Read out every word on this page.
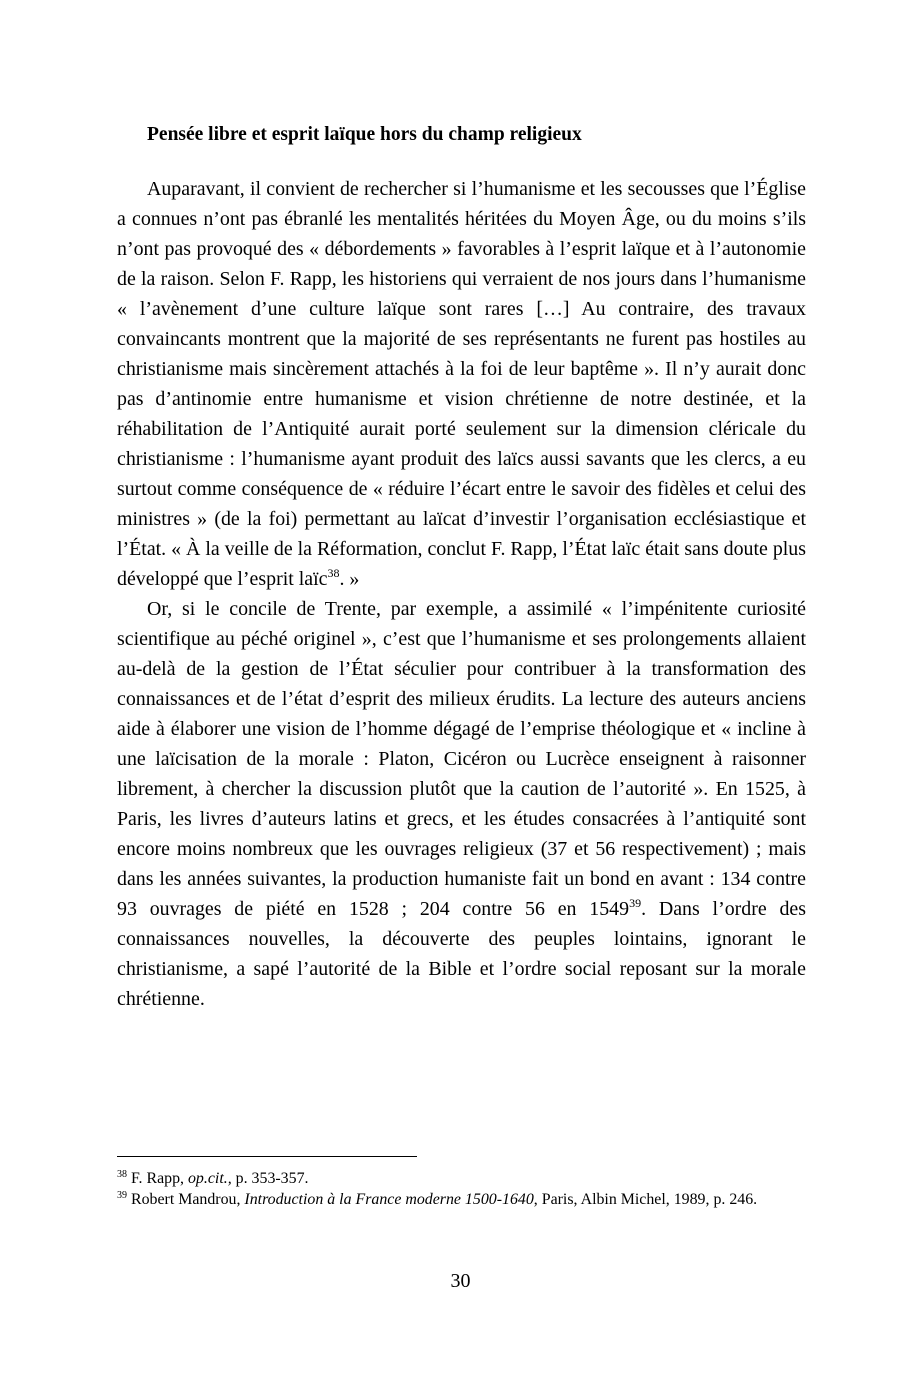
Pensée libre et esprit laïque hors du champ religieux

Auparavant, il convient de rechercher si l’humanisme et les secousses que l’Église a connues n’ont pas ébranlé les mentalités héritées du Moyen Âge, ou du moins s’ils n’ont pas provoqué des « débordements » favorables à l’esprit laïque et à l’autonomie de la raison. Selon F. Rapp, les historiens qui verraient de nos jours dans l’humanisme « l’avènement d’une culture laïque sont rares […] Au contraire, des travaux convaincants montrent que la majorité de ses représentants ne furent pas hostiles au christianisme mais sincèrement attachés à la foi de leur baptême ». Il n’y aurait donc pas d’antinomie entre humanisme et vision chrétienne de notre destinée, et la réhabilitation de l’Antiquité aurait porté seulement sur la dimension cléricale du christianisme : l’humanisme ayant produit des laïcs aussi savants que les clercs, a eu surtout comme conséquence de « réduire l’écart entre le savoir des fidèles et celui des ministres » (de la foi) permettant au laïcat d’investir l’organisation ecclésiastique et l’État. « À la veille de la Réformation, conclut F. Rapp, l’État laïc était sans doute plus développé que l’esprit laïc$^{38}$. »

Or, si le concile de Trente, par exemple, a assimilé « l’impénitente curiosité scientifique au péché originel », c’est que l’humanisme et ses prolongements allaient au-delà de la gestion de l’État séculier pour contribuer à la transformation des connaissances et de l’état d’esprit des milieux érudits. La lecture des auteurs anciens aide à élaborer une vision de l’homme dégagé de l’emprise théologique et « incline à une laïcisation de la morale : Platon, Cicéron ou Lucrèce enseignent à raisonner librement, à chercher la discussion plutôt que la caution de l’autorité ». En 1525, à Paris, les livres d’auteurs latins et grecs, et les études consacrées à l’antiquité sont encore moins nombreux que les ouvrages religieux (37 et 56 respectivement) ; mais dans les années suivantes, la production humaniste fait un bond en avant : 134 contre 93 ouvrages de piété en 1528 ; 204 contre 56 en 1549$^{39}$. Dans l’ordre des connaissances nouvelles, la découverte des peuples lointains, ignorant le christianisme, a sapé l’autorité de la Bible et l’ordre social reposant sur la morale chrétienne.

$^{38}$ F. Rapp, op.cit., p. 353-357.

$^{39}$ Robert Mandrou, Introduction à la France moderne 1500-1640, Paris, Albin Michel, 1989, p. 246.

30
